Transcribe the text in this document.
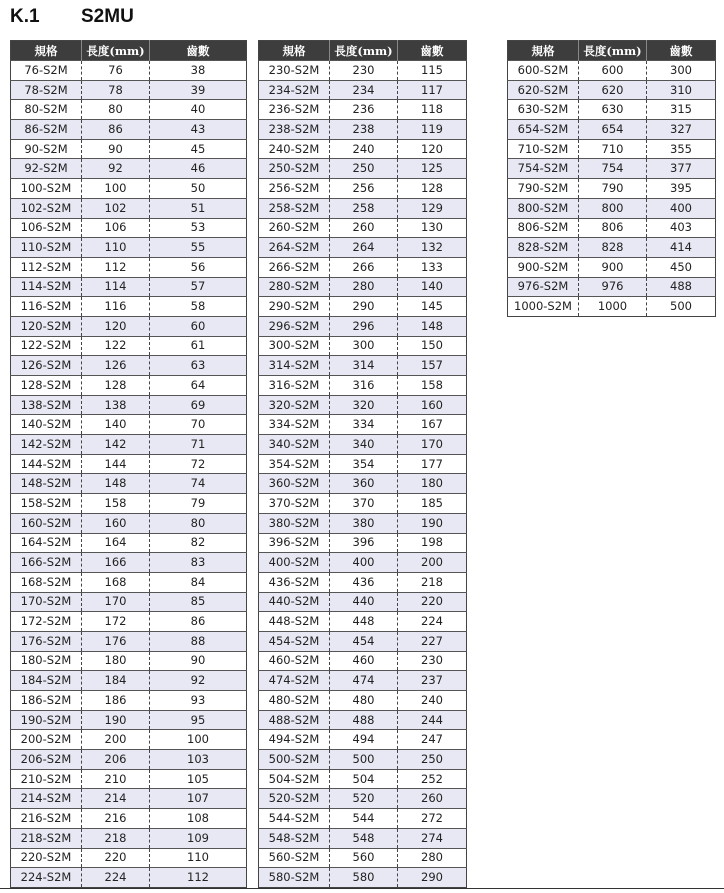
K.1 S2MU
規格	長度(mm)	齒數
76-S2M	76	38
78-S2M	78	39
80-S2M	80	40
86-S2M	86	43
90-S2M	90	45
92-S2M	92	46
100-S2M	100	50
102-S2M	102	51
106-S2M	106	53
110-S2M	110	55
112-S2M	112	56
114-S2M	114	57
116-S2M	116	58
120-S2M	120	60
122-S2M	122	61
126-S2M	126	63
128-S2M	128	64
138-S2M	138	69
140-S2M	140	70
142-S2M	142	71
144-S2M	144	72
148-S2M	148	74
158-S2M	158	79
160-S2M	160	80
164-S2M	164	82
166-S2M	166	83
168-S2M	168	84
170-S2M	170	85
172-S2M	172	86
176-S2M	176	88
180-S2M	180	90
184-S2M	184	92
186-S2M	186	93
190-S2M	190	95
200-S2M	200	100
206-S2M	206	103
210-S2M	210	105
214-S2M	214	107
216-S2M	216	108
218-S2M	218	109
220-S2M	220	110
224-S2M	224	112
規格	長度(mm)	齒數
230-S2M	230	115
234-S2M	234	117
236-S2M	236	118
238-S2M	238	119
240-S2M	240	120
250-S2M	250	125
256-S2M	256	128
258-S2M	258	129
260-S2M	260	130
264-S2M	264	132
266-S2M	266	133
280-S2M	280	140
290-S2M	290	145
296-S2M	296	148
300-S2M	300	150
314-S2M	314	157
316-S2M	316	158
320-S2M	320	160
334-S2M	334	167
340-S2M	340	170
354-S2M	354	177
360-S2M	360	180
370-S2M	370	185
380-S2M	380	190
396-S2M	396	198
400-S2M	400	200
436-S2M	436	218
440-S2M	440	220
448-S2M	448	224
454-S2M	454	227
460-S2M	460	230
474-S2M	474	237
480-S2M	480	240
488-S2M	488	244
494-S2M	494	247
500-S2M	500	250
504-S2M	504	252
520-S2M	520	260
544-S2M	544	272
548-S2M	548	274
560-S2M	560	280
580-S2M	580	290
規格	長度(mm)	齒數
600-S2M	600	300
620-S2M	620	310
630-S2M	630	315
654-S2M	654	327
710-S2M	710	355
754-S2M	754	377
790-S2M	790	395
800-S2M	800	400
806-S2M	806	403
828-S2M	828	414
900-S2M	900	450
976-S2M	976	488
1000-S2M	1000	500
